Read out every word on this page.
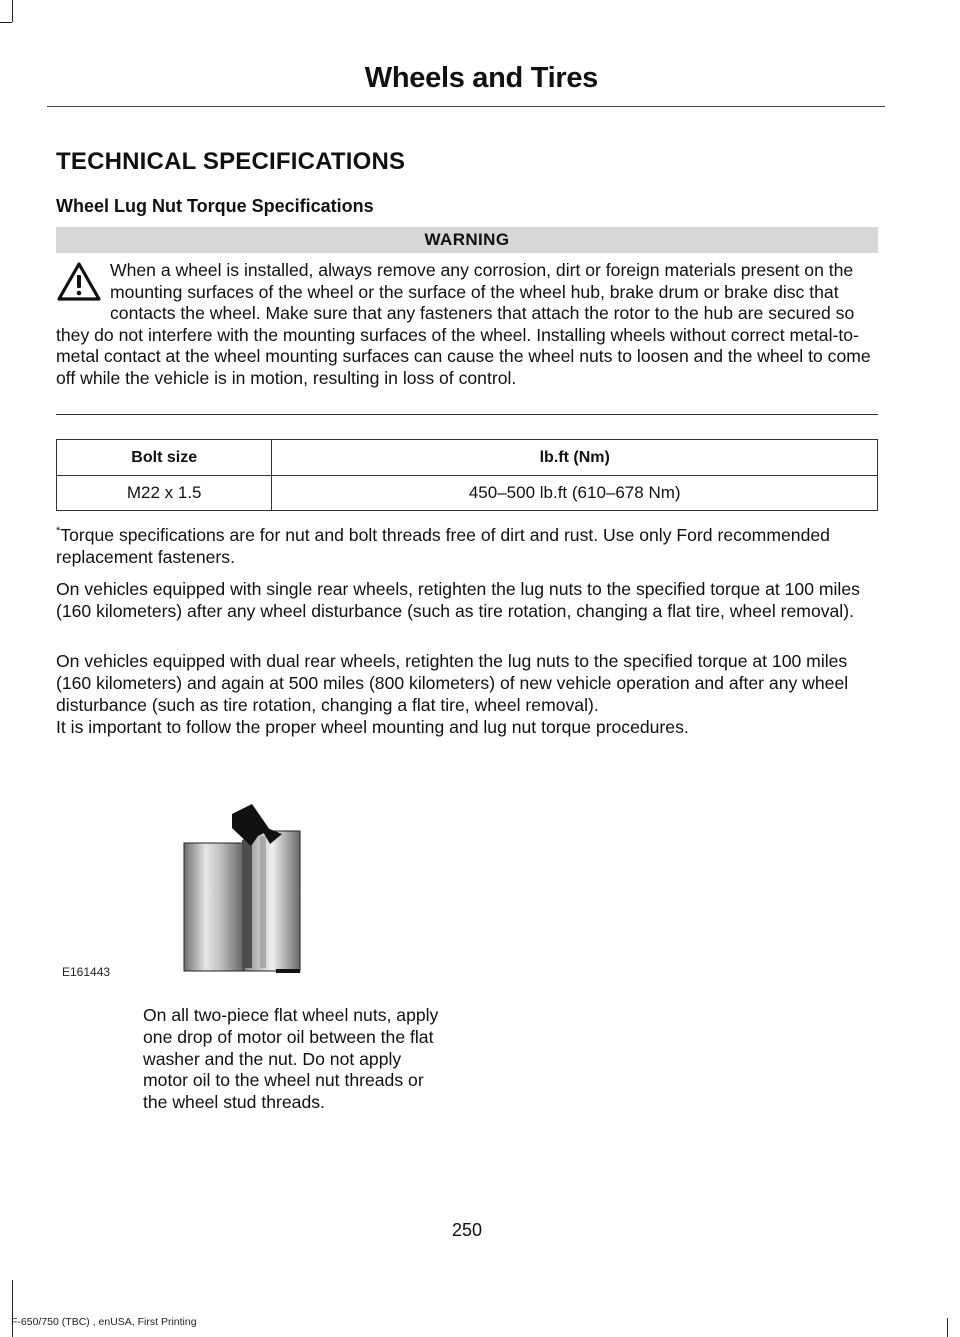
Wheels and Tires
TECHNICAL SPECIFICATIONS
Wheel Lug Nut Torque Specifications
WARNING

When a wheel is installed, always remove any corrosion, dirt or foreign materials present on the mounting surfaces of the wheel or the surface of the wheel hub, brake drum or brake disc that contacts the wheel. Make sure that any fasteners that attach the rotor to the hub are secured so they do not interfere with the mounting surfaces of the wheel. Installing wheels without correct metal-to-metal contact at the wheel mounting surfaces can cause the wheel nuts to loosen and the wheel to come off while the vehicle is in motion, resulting in loss of control.

Bolt size	lb.ft (Nm)
M22 x 1.5	450–500 lb.ft (610–678 Nm)

*Torque specifications are for nut and bolt threads free of dirt and rust. Use only Ford recommended replacement fasteners.

On vehicles equipped with single rear wheels, retighten the lug nuts to the specified torque at 100 miles (160 kilometers) after any wheel disturbance (such as tire rotation, changing a flat tire, wheel removal).

On vehicles equipped with dual rear wheels, retighten the lug nuts to the specified torque at 100 miles (160 kilometers) and again at 500 miles (800 kilometers) of new vehicle operation and after any wheel disturbance (such as tire rotation, changing a flat tire, wheel removal).

It is important to follow the proper wheel mounting and lug nut torque procedures.

E161443

On all two-piece flat wheel nuts, apply one drop of motor oil between the flat washer and the nut. Do not apply motor oil to the wheel nut threads or the wheel stud threads.

250
F-650/750 (TBC) , enUSA, First Printing
